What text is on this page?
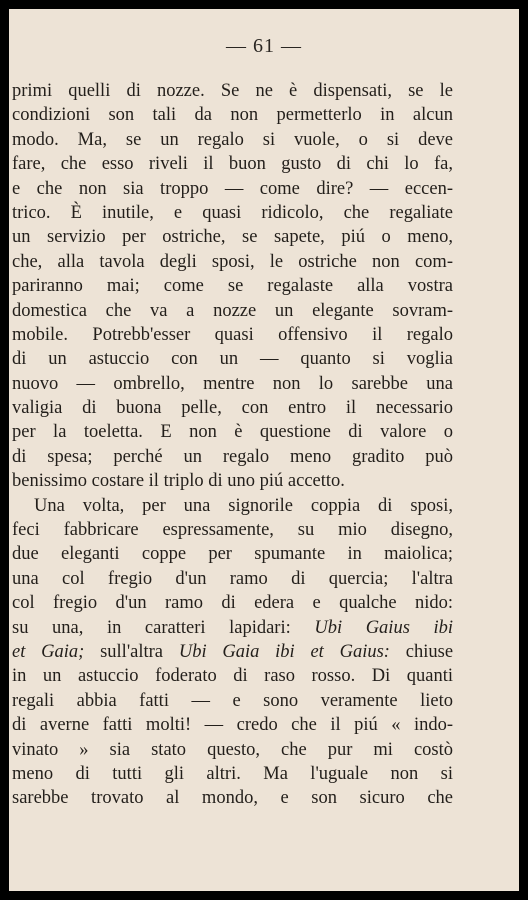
— 61 —
primi quelli di nozze. Se ne è dispensati, se le
condizioni son tali da non permetterlo in alcun
modo. Ma, se un regalo si vuole, o si deve
fare, che esso riveli il buon gusto di chi lo fa,
e che non sia troppo — come dire? — eccen-
trico. È inutile, e quasi ridicolo, che regaliate
un servizio per ostriche, se sapete, piú o meno,
che, alla tavola degli sposi, le ostriche non com-
pariranno mai; come se regalaste alla vostra
domestica che va a nozze un elegante sovram-
mobile. Potrebb'esser quasi offensivo il regalo
di un astuccio con un — quanto si voglia
nuovo — ombrello, mentre non lo sarebbe una
valigia di buona pelle, con entro il necessario
per la toeletta. E non è questione di valore o
di spesa; perché un regalo meno gradito può
benissimo costare il triplo di uno piú accetto.
Una volta, per una signorile coppia di sposi,
feci fabbricare espressamente, su mio disegno,
due eleganti coppe per spumante in maiolica;
una col fregio d'un ramo di quercia; l'altra
col fregio d'un ramo di edera e qualche nido:
su una, in caratteri lapidari: Ubi Gaius ibi
et Gaia; sull'altra Ubi Gaia ibi et Gaius: chiuse
in un astuccio foderato di raso rosso. Di quanti
regali abbia fatti — e sono veramente lieto
di averne fatti molti! — credo che il piú « indo-
vinato » sia stato questo, che pur mi costò
meno di tutti gli altri. Ma l'uguale non si
sarebbe trovato al mondo, e son sicuro che
